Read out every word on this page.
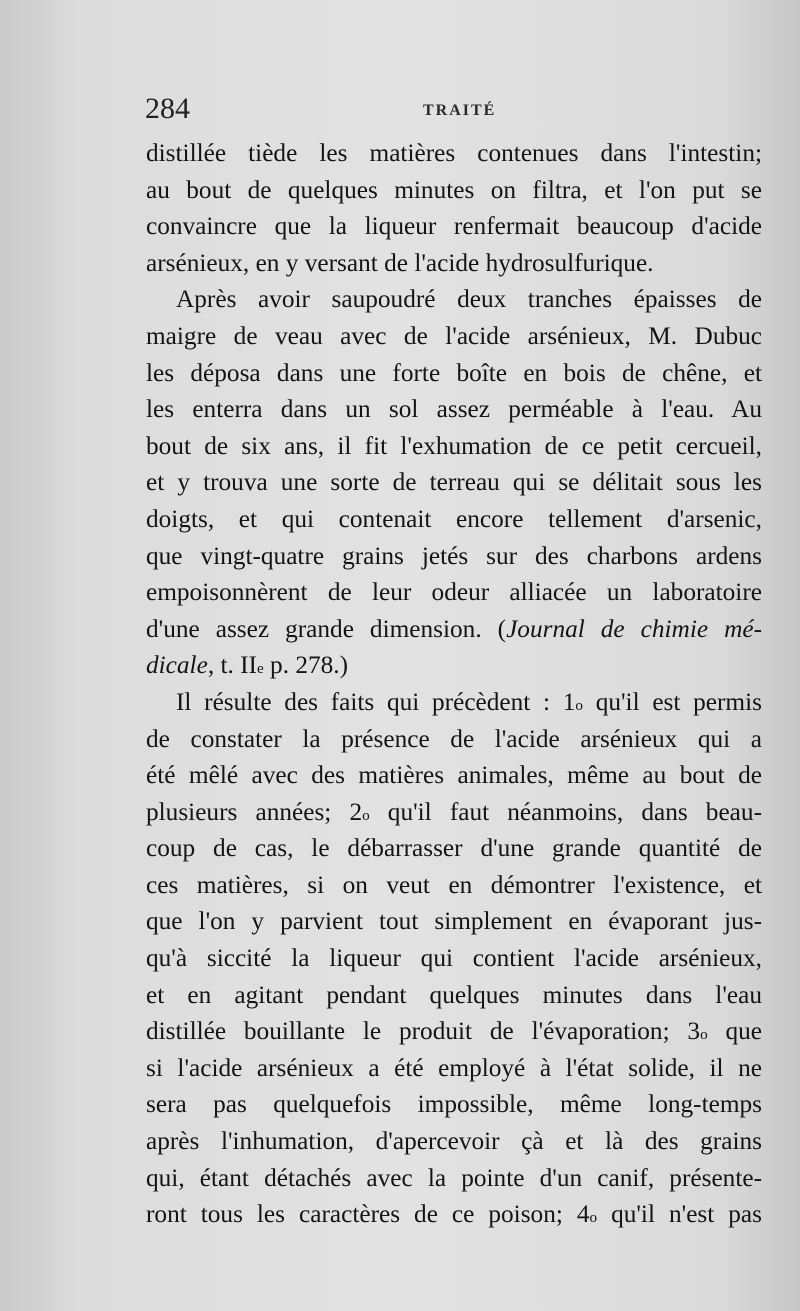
284	TRAITÉ
distillée tiède les matières contenues dans l'intestin;
au bout de quelques minutes on filtra, et l'on put se
convaincre que la liqueur renfermait beaucoup d'acide
arsénieux, en y versant de l'acide hydrosulfurique.
Après avoir saupoudré deux tranches épaisses de
maigre de veau avec de l'acide arsénieux, M. Dubuc
les déposa dans une forte boîte en bois de chêne, et
les enterra dans un sol assez perméable à l'eau. Au
bout de six ans, il fit l'exhumation de ce petit cercueil,
et y trouva une sorte de terreau qui se délitait sous les
doigts, et qui contenait encore tellement d'arsenic,
que vingt-quatre grains jetés sur des charbons ardens
empoisonnèrent de leur odeur alliacée un laboratoire
d'une assez grande dimension. (Journal de chimie mé-
dicale, t. IIe p. 278.)
Il résulte des faits qui précèdent : 1$^o$ qu'il est permis
de constater la présence de l'acide arsénieux qui a
été mêlé avec des matières animales, même au bout de
plusieurs années; 2$^o$ qu'il faut néanmoins, dans beau-
coup de cas, le débarrasser d'une grande quantité de
ces matières, si on veut en démontrer l'existence, et
que l'on y parvient tout simplement en évaporant jus-
qu'à siccité la liqueur qui contient l'acide arsénieux,
et en agitant pendant quelques minutes dans l'eau
distillée bouillante le produit de l'évaporation; 3$^o$ que
si l'acide arsénieux a été employé à l'état solide, il ne
sera pas quelquefois impossible, même long-temps
après l'inhumation, d'apercevoir çà et là des grains
qui, étant détachés avec la pointe d'un canif, présente-
ront tous les caractères de ce poison; 4$^o$ qu'il n'est pas
